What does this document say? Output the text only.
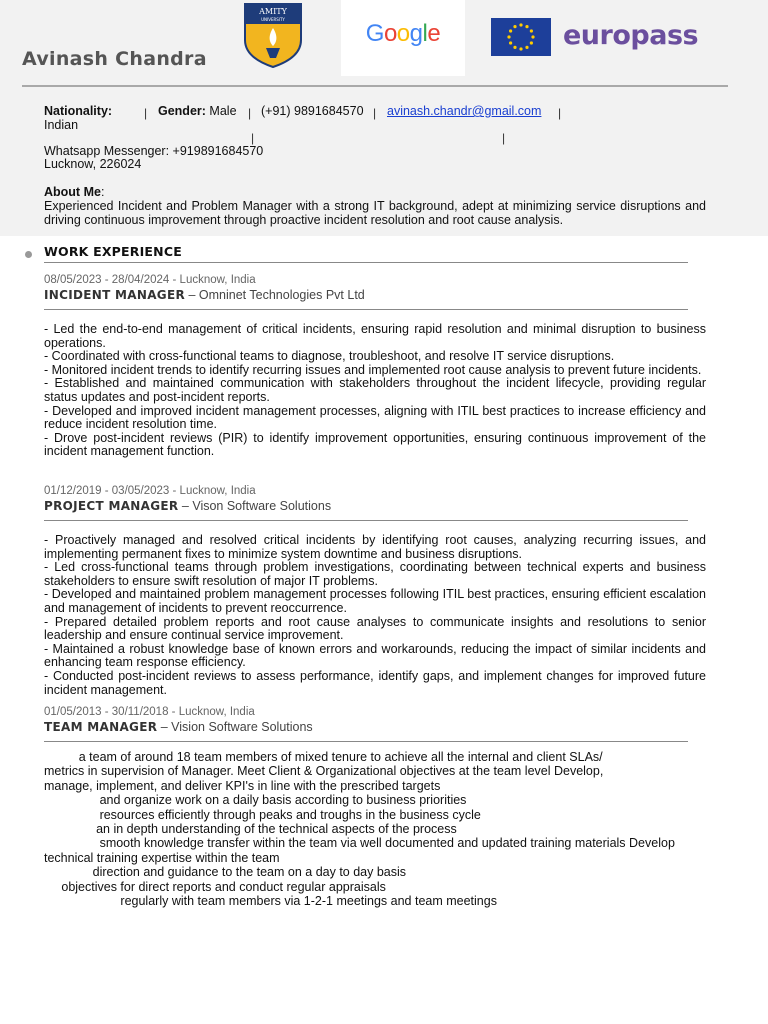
Avinash Chandra
AMITY
UNIVERSITY
Google	europass
Nationality:
Indian
| Gender: Male | (+91) 9891684570 | avinash.chandr@gmail.com |
|	|
Whatsapp Messenger: +919891684570
Lucknow, 226024
About Me:
Experienced Incident and Problem Manager with a strong IT background, adept at minimizing service disruptions and driving continuous improvement through proactive incident resolution and root cause analysis.
WORK EXPERIENCE
08/05/2023 - 28/04/2024 - Lucknow, India
INCIDENT MANAGER – Omninet Technologies Pvt Ltd
- Led the end-to-end management of critical incidents, ensuring rapid resolution and minimal disruption to business operations.
- Coordinated with cross-functional teams to diagnose, troubleshoot, and resolve IT service disruptions.
- Monitored incident trends to identify recurring issues and implemented root cause analysis to prevent future incidents.
- Established and maintained communication with stakeholders throughout the incident lifecycle, providing regular status updates and post-incident reports.
- Developed and improved incident management processes, aligning with ITIL best practices to increase efficiency and reduce incident resolution time.
- Drove post-incident reviews (PIR) to identify improvement opportunities, ensuring continuous improvement of the incident management function.
01/12/2019 - 03/05/2023 - Lucknow, India
PROJECT MANAGER – Vison Software Solutions
- Proactively managed and resolved critical incidents by identifying root causes, analyzing recurring issues, and implementing permanent fixes to minimize system downtime and business disruptions.
- Led cross-functional teams through problem investigations, coordinating between technical experts and business stakeholders to ensure swift resolution of major IT problems.
- Developed and maintained problem management processes following ITIL best practices, ensuring efficient escalation and management of incidents to prevent reoccurrence.
- Prepared detailed problem reports and root cause analyses to communicate insights and resolutions to senior leadership and ensure continual service improvement.
- Maintained a robust knowledge base of known errors and workarounds, reducing the impact of similar incidents and enhancing team response efficiency.
- Conducted post-incident reviews to assess performance, identify gaps, and implement changes for improved future incident management.
01/05/2013 - 30/11/2018 - Lucknow, India
TEAM MANAGER – Vision Software Solutions
a team of around 18 team members of mixed tenure to achieve all the internal and client SLAs/
metrics in supervision of Manager. Meet Client & Organizational objectives at the team level Develop,
manage, implement, and deliver KPI's in line with the prescribed targets
and organize work on a daily basis according to business priorities
resources efficiently through peaks and troughs in the business cycle
an in depth understanding of the technical aspects of the process
smooth knowledge transfer within the team via well documented and updated training materials Develop
technical training expertise within the team
direction and guidance to the team on a day to day basis
objectives for direct reports and conduct regular appraisals
regularly with team members via 1-2-1 meetings and team meetings
